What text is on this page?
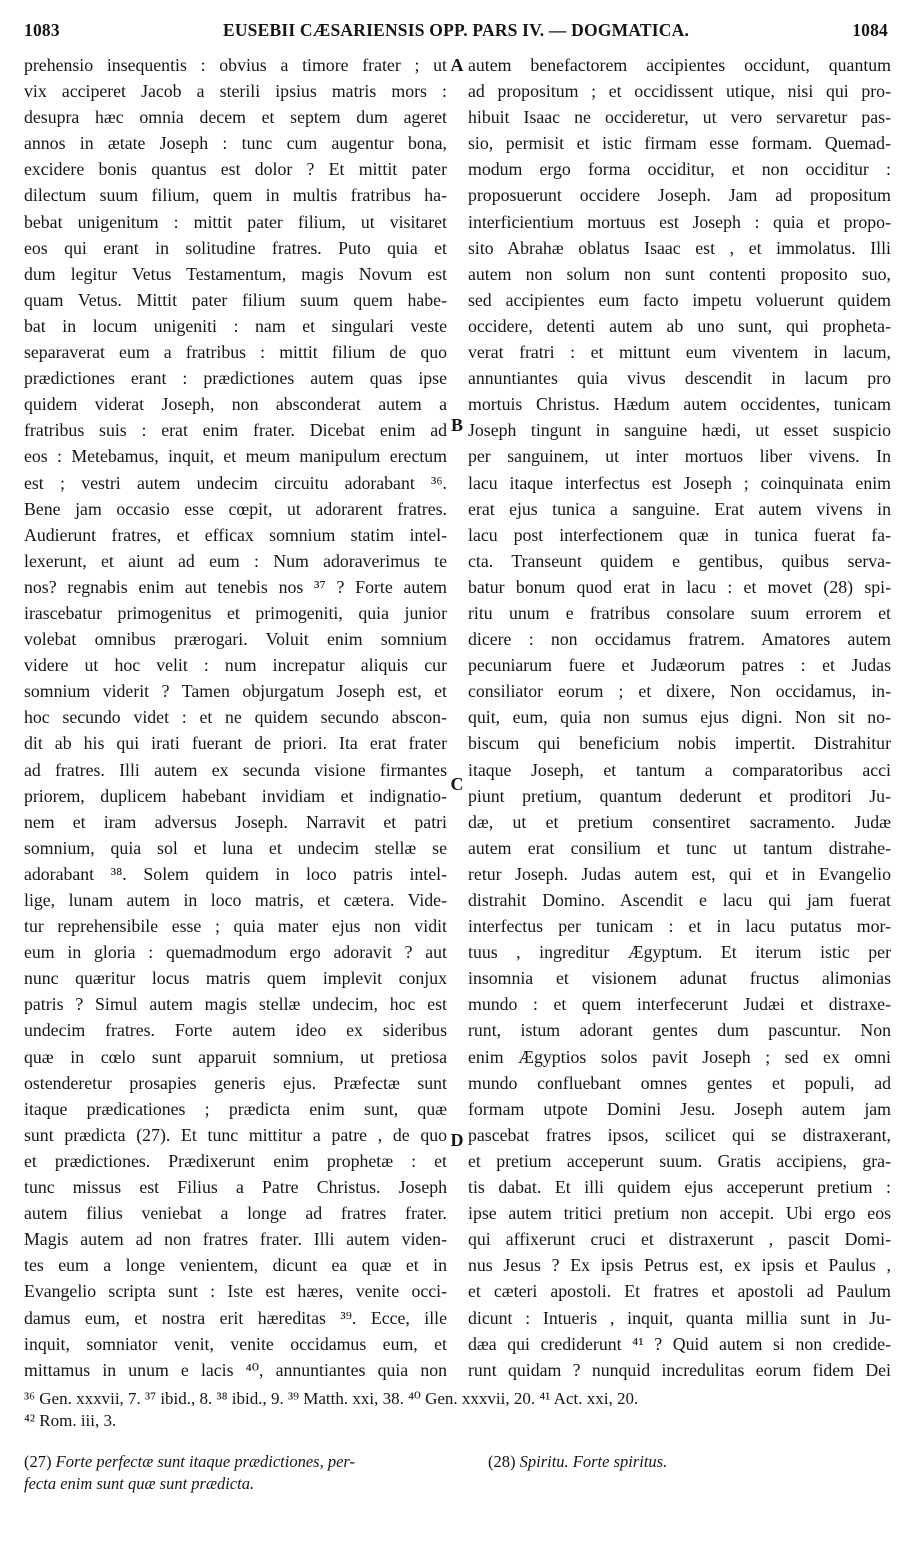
1083	EUSEBII CÆSARIENSIS OPP. PARS IV. — DOGMATICA.	1084
prehensio insequentis : obvius a timore frater ; ut
vix acciperet Jacob a sterili ipsius matris mors :
desupra hæc omnia decem et septem dum ageret
annos in ætate Joseph : tunc cum augentur bona,
excidere bonis quantus est dolor ? Et mittit pater
dilectum suum filium, quem in multis fratribus ha-
bebat unigenitum : mittit pater filium, ut visitaret
eos qui erant in solitudine fratres. Puto quia et
dum legitur Vetus Testamentum, magis Novum est
quam Vetus. Mittit pater filium suum quem habe-
bat in locum unigeniti : nam et singulari veste
separaverat eum a fratribus : mittit filium de quo
prædictiones erant : prædictiones autem quas ipse
quidem viderat Joseph, non absconderat autem a
fratribus suis : erat enim frater. Dicebat enim ad
eos : Metebamus, inquit, et meum manipulum erectum
est ; vestri autem undecim circuitu adorabant ³⁶.
Bene jam occasio esse cœpit, ut adorarent fratres.
Audierunt fratres, et efficax somnium statim intel-
lexerunt, et aiunt ad eum : Num adoraverimus te
nos? regnabis enim aut tenebis nos ³⁷ ? Forte autem
irascebatur primogenitus et primogeniti, quia junior
volebat omnibus prærogari. Voluit enim somnium
videre ut hoc velit : num increpatur aliquis cur
somnium viderit ? Tamen objurgatum Joseph est, et
hoc secundo videt : et ne quidem secundo abscon-
dit ab his qui irati fuerant de priori. Ita erat frater
ad fratres. Illi autem ex secunda visione firmantes
priorem, duplicem habebant invidiam et indignatio-
nem et iram adversus Joseph. Narravit et patri
somnium, quia sol et luna et undecim stellæ se
adorabant ³⁸. Solem quidem in loco patris intel-
lige, lunam autem in loco matris, et cætera. Vide-
tur reprehensibile esse ; quia mater ejus non vidit
eum in gloria : quemadmodum ergo adoravit ? aut
nunc quæritur locus matris quem implevit conjux
patris ? Simul autem magis stellæ undecim, hoc est
undecim fratres. Forte autem ideo ex sideribus
quæ in cœlo sunt apparuit somnium, ut pretiosa
ostenderetur prosapies generis ejus. Præfectæ sunt
itaque prædicationes ; prædicta enim sunt, quæ
sunt prædicta (27). Et tunc mittitur a patre , de quo
et prædictiones. Prædixerunt enim prophetæ : et
tunc missus est Filius a Patre Christus. Joseph
autem filius veniebat a longe ad fratres frater.
Magis autem ad non fratres frater. Illi autem viden-
tes eum a longe venientem, dicunt ea quæ et in
Evangelio scripta sunt : Iste est hæres, venite occi-
damus eum, et nostra erit hæreditas ³⁹. Ecce, ille
inquit, somniator venit, venite occidamus eum, et
mittamus in unum e lacis ⁴⁰, annuntiantes quia non
autem benefactorem accipientes occidunt, quantum
ad propositum ; et occidissent utique, nisi qui pro-
hibuit Isaac ne occideretur, ut vero servaretur pas-
sio, permisit et istic firmam esse formam. Quemad-
modum ergo forma occiditur, et non occiditur :
proposuerunt occidere Joseph. Jam ad propositum
interficientium mortuus est Joseph : quia et propo-
sito Abrahæ oblatus Isaac est , et immolatus. Illi
autem non solum non sunt contenti proposito suo,
sed accipientes eum facto impetu voluerunt quidem
occidere, detenti autem ab uno sunt, qui propheta-
verat fratri : et mittunt eum viventem in lacum,
annuntiantes quia vivus descendit in lacum pro
mortuis Christus. Hædum autem occidentes, tunicam
Joseph tingunt in sanguine hædi, ut esset suspicio
per sanguinem, ut inter mortuos liber vivens. In
lacu itaque interfectus est Joseph ; coinquinata enim
erat ejus tunica a sanguine. Erat autem vivens in
lacu post interfectionem quæ in tunica fuerat fa-
cta. Transeunt quidem e gentibus, quibus serva-
batur bonum quod erat in lacu : et movet (28) spi-
ritu unum e fratribus consolare suum errorem et
dicere : non occidamus fratrem. Amatores autem
pecuniarum fuere et Judæorum patres : et Judas
consiliator eorum ; et dixere, Non occidamus, in-
quit, eum, quia non sumus ejus digni. Non sit no-
biscum qui beneficium nobis impertit. Distrahitur
itaque Joseph, et tantum a comparatoribus acci
piunt pretium, quantum dederunt et proditori Ju-
dæ, ut et pretium consentiret sacramento. Judæ
autem erat consilium et tunc ut tantum distrahe-
retur Joseph. Judas autem est, qui et in Evangelio
distrahit Domino. Ascendit e lacu qui jam fuerat
interfectus per tunicam : et in lacu putatus mor-
tuus , ingreditur Ægyptum. Et iterum istic per
insomnia et visionem adunat fructus alimonias
mundo : et quem interfecerunt Judæi et distraxe-
runt, istum adorant gentes dum pascuntur. Non
enim Ægyptios solos pavit Joseph ; sed ex omni
mundo confluebant omnes gentes et populi, ad
formam utpote Domini Jesu. Joseph autem jam
pascebat fratres ipsos, scilicet qui se distraxerant,
et pretium acceperunt suum. Gratis accipiens, gra-
tis dabat. Et illi quidem ejus acceperunt pretium :
ipse autem tritici pretium non accepit. Ubi ergo eos
qui affixerunt cruci et distraxerunt , pascit Domi-
nus Jesus ? Ex ipsis Petrus est, ex ipsis et Paulus ,
et cæteri apostoli. Et fratres et apostoli ad Paulum
dicunt : Intueris , inquit, quanta millia sunt in Ju-
dæa qui crediderunt ⁴¹ ? Quid autem si non credide-
runt quidam ? nunquid incredulitas eorum fidem Dei
A
B
C
D
³⁶ Gen. xxxvii, 7. ³⁷ ibid., 8. ³⁸ ibid., 9. ³⁹ Matth. xxi, 38. ⁴⁰ Gen. xxxvii, 20. ⁴¹ Act. xxi, 20.
⁴² Rom. iii, 3.
(27) Forte perfectæ sunt itaque prædictiones, per-
fecta enim sunt quæ sunt prædicta.
(28) Spiritu. Forte spiritus.
